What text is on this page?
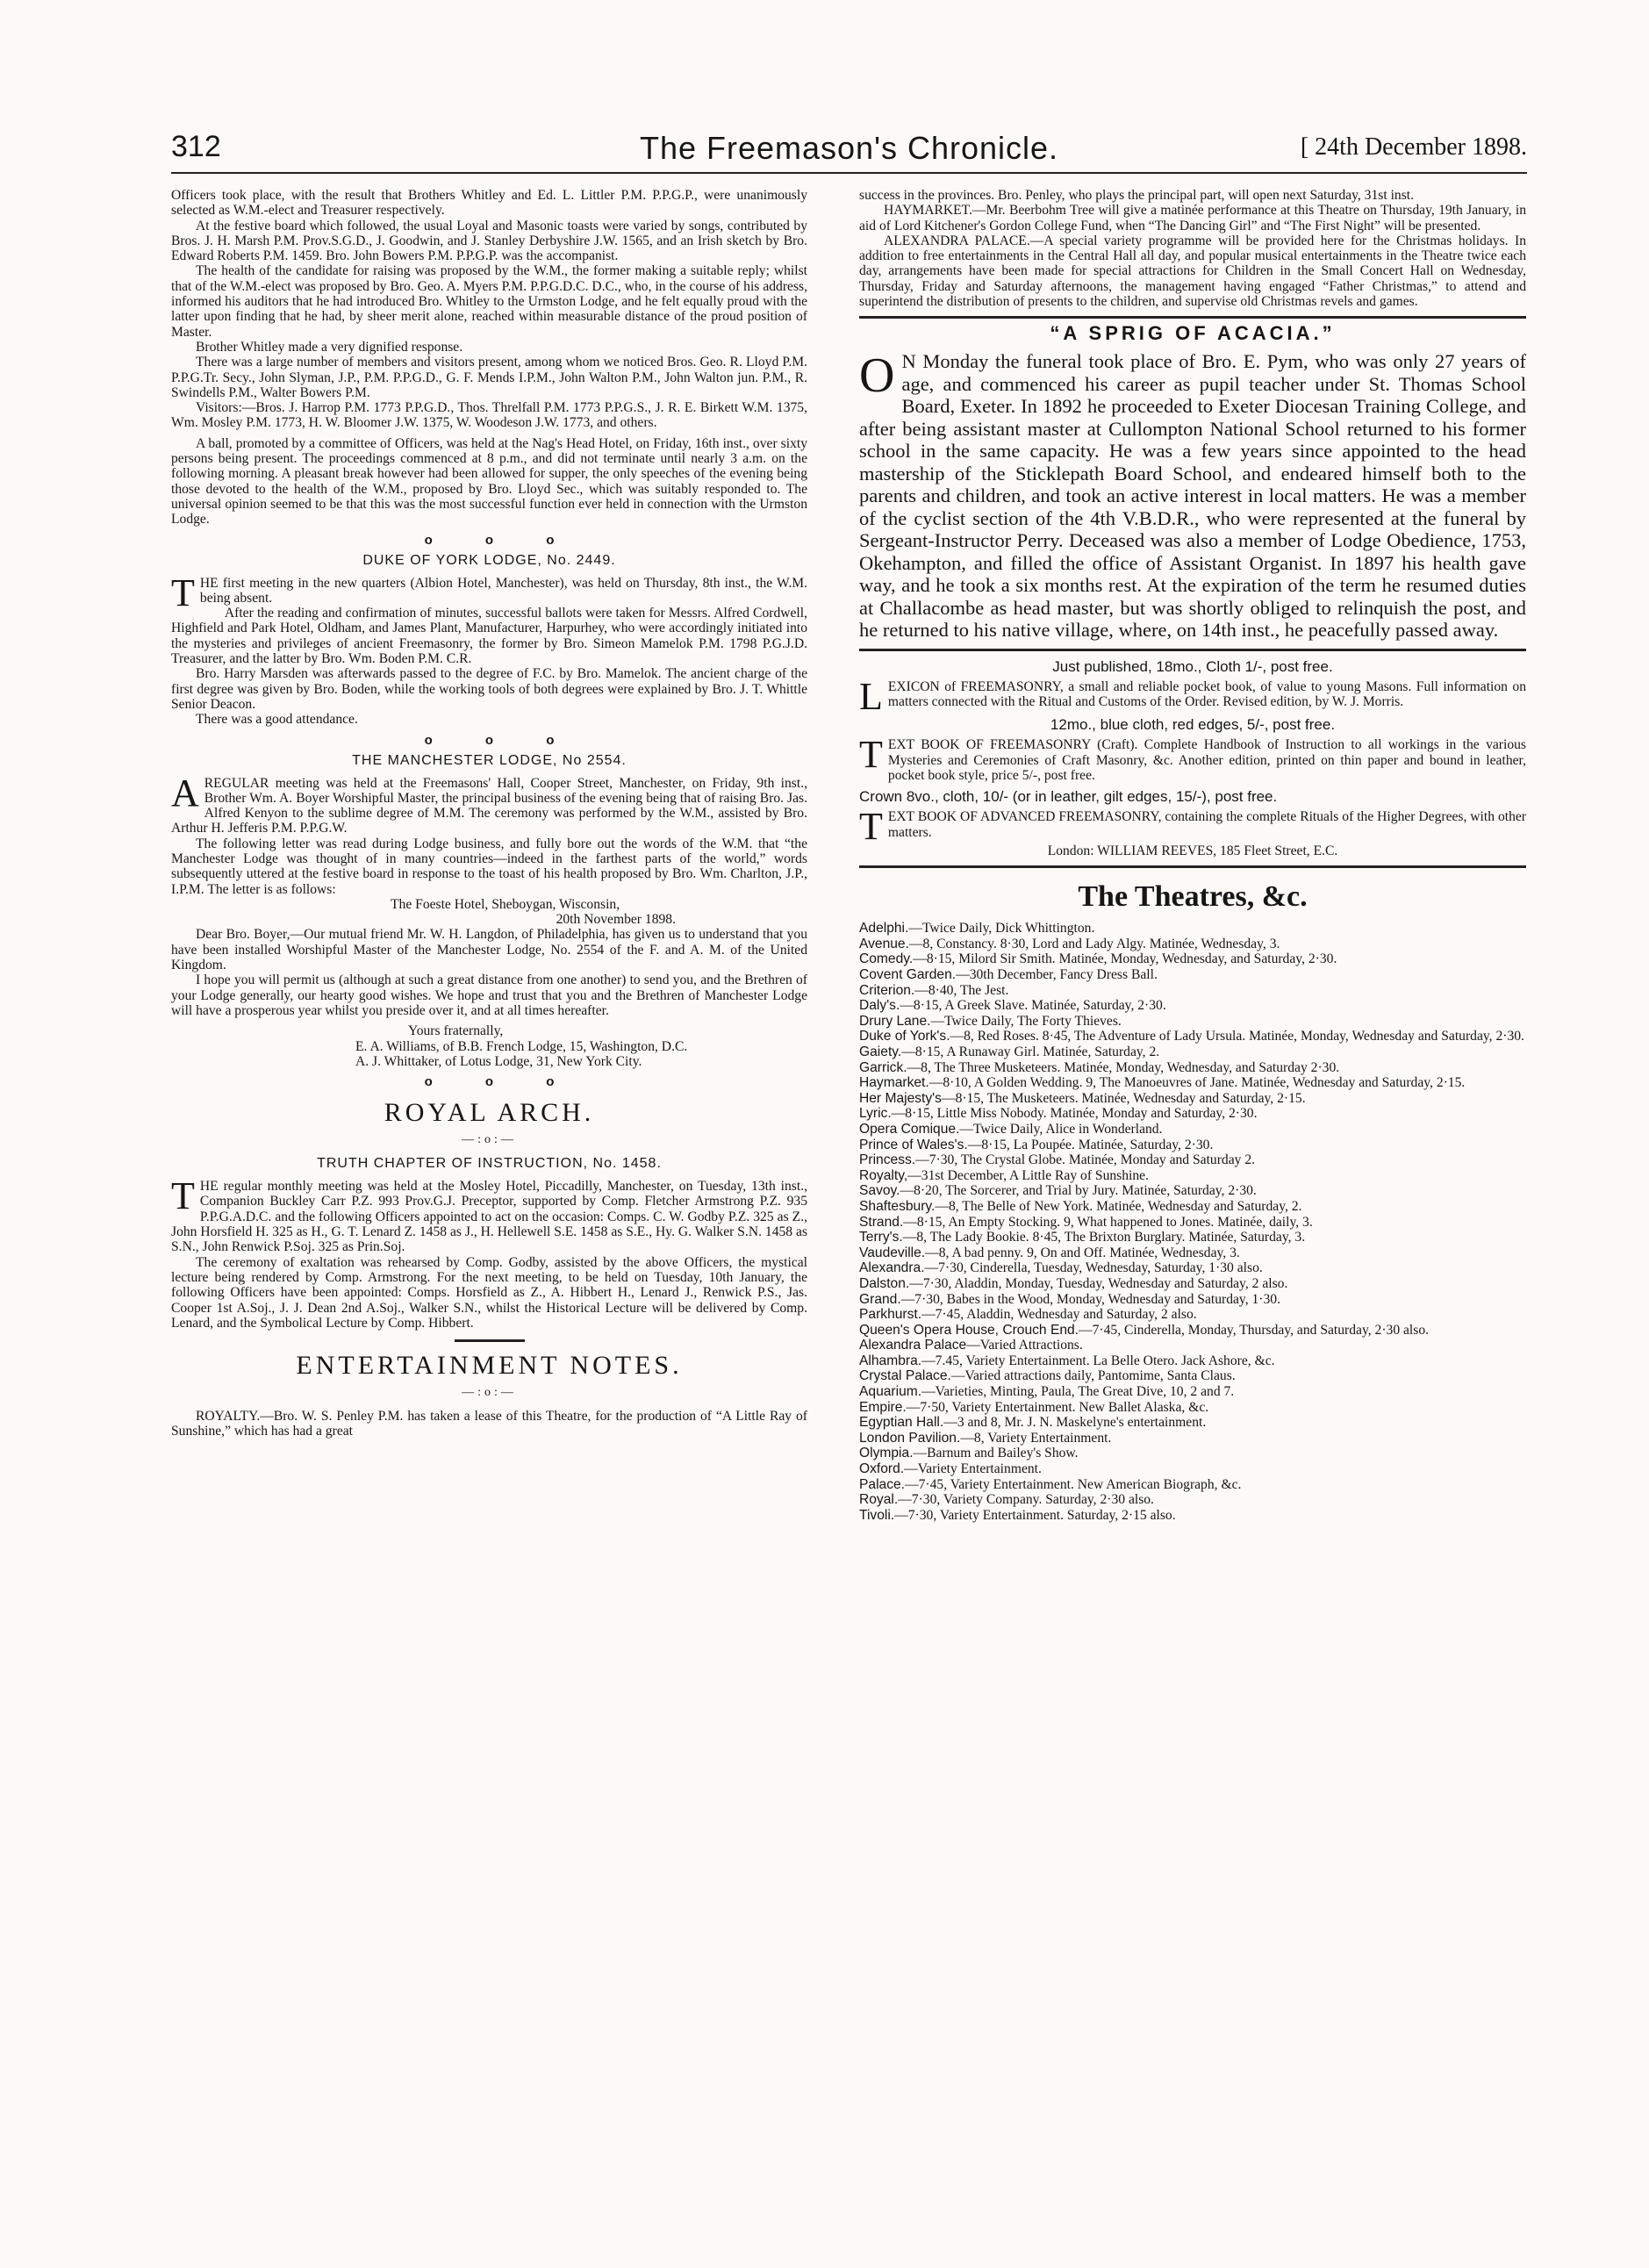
312	The Freemason's Chronicle.	[ 24th December 1898.

Officers took place, with the result that Brothers Whitley and Ed. L. Littler P.M. P.P.G.P., were unanimously selected as W.M.-elect and Treasurer respectively.

At the festive board which followed, the usual Loyal and Masonic toasts were varied by songs, contributed by Bros. J. H. Marsh P.M. Prov.S.G.D., J. Goodwin, and J. Stanley Derbyshire J.W. 1565, and an Irish sketch by Bro. Edward Roberts P.M. 1459. Bro. John Bowers P.M. P.P.G.P. was the accompanist.

The health of the candidate for raising was proposed by the W.M., the former making a suitable reply; whilst that of the W.M.-elect was proposed by Bro. Geo. A. Myers P.M. P.P.G.D.C. D.C., who, in the course of his address, informed his auditors that he had introduced Bro. Whitley to the Urmston Lodge, and he felt equally proud with the latter upon finding that he had, by sheer merit alone, reached within measurable distance of the proud position of Master.

Brother Whitley made a very dignified response.

There was a large number of members and visitors present, among whom we noticed Bros. Geo. R. Lloyd P.M. P.P.G.Tr. Secy., John Slyman, J.P., P.M. P.P.G.D., G. F. Mends I.P.M., John Walton P.M., John Walton jun. P.M., R. Swindells P.M., Walter Bowers P.M.

Visitors:—Bros. J. Harrop P.M. 1773 P.P.G.D., Thos. Threlfall P.M. 1773 P.P.G.S., J. R. E. Birkett W.M. 1375, Wm. Mosley P.M. 1773, H. W. Bloomer J.W. 1375, W. Woodeson J.W. 1773, and others.

A ball, promoted by a committee of Officers, was held at the Nag's Head Hotel, on Friday, 16th inst., over sixty persons being present. The proceedings commenced at 8 p.m., and did not terminate until nearly 3 a.m. on the following morning. A pleasant break however had been allowed for supper, the only speeches of the evening being those devoted to the health of the W.M., proposed by Bro. Lloyd Sec., which was suitably responded to. The universal opinion seemed to be that this was the most successful function ever held in connection with the Urmston Lodge.

o o o
DUKE OF YORK LODGE, No. 2449.

THE first meeting in the new quarters (Albion Hotel, Manchester), was held on Thursday, 8th inst., the W.M. being absent.

After the reading and confirmation of minutes, successful ballots were taken for Messrs. Alfred Cordwell, Highfield and Park Hotel, Oldham, and James Plant, Manufacturer, Harpurhey, who were accordingly initiated into the mysteries and privileges of ancient Freemasonry, the former by Bro. Simeon Mamelok P.M. 1798 P.G.J.D. Treasurer, and the latter by Bro. Wm. Boden P.M. C.R.

Bro. Harry Marsden was afterwards passed to the degree of F.C. by Bro. Mamelok. The ancient charge of the first degree was given by Bro. Boden, while the working tools of both degrees were explained by Bro. J. T. Whittle Senior Deacon.

There was a good attendance.

o o o
THE MANCHESTER LODGE, No 2554.

AREGULAR meeting was held at the Freemasons' Hall, Cooper Street, Manchester, on Friday, 9th inst., Brother Wm. A. Boyer Worshipful Master, the principal business of the evening being that of raising Bro. Jas. Alfred Kenyon to the sublime degree of M.M. The ceremony was performed by the W.M., assisted by Bro. Arthur H. Jefferis P.M. P.P.G.W.

The following letter was read during Lodge business, and fully bore out the words of the W.M. that “the Manchester Lodge was thought of in many countries—indeed in the farthest parts of the world,” words subsequently uttered at the festive board in response to the toast of his health proposed by Bro. Wm. Charlton, J.P., I.P.M. The letter is as follows:

The Foeste Hotel, Sheboygan, Wisconsin,

20th November 1898.

Dear Bro. Boyer,—Our mutual friend Mr. W. H. Langdon, of Philadelphia, has given us to understand that you have been installed Worshipful Master of the Manchester Lodge, No. 2554 of the F. and A. M. of the United Kingdom.

I hope you will permit us (although at such a great distance from one another) to send you, and the Brethren of your Lodge generally, our hearty good wishes. We hope and trust that you and the Brethren of Manchester Lodge will have a prosperous year whilst you preside over it, and at all times hereafter.

Yours fraternally,

E. A. Williams, of B.B. French Lodge, 15, Washington, D.C.

A. J. Whittaker, of Lotus Lodge, 31, New York City.

o o o
ROYAL ARCH.
—:o:—
TRUTH CHAPTER OF INSTRUCTION, No. 1458.

THE regular monthly meeting was held at the Mosley Hotel, Piccadilly, Manchester, on Tuesday, 13th inst., Companion Buckley Carr P.Z. 993 Prov.G.J. Preceptor, supported by Comp. Fletcher Armstrong P.Z. 935 P.P.G.A.D.C. and the following Officers appointed to act on the occasion: Comps. C. W. Godby P.Z. 325 as Z., John Horsfield H. 325 as H., G. T. Lenard Z. 1458 as J., H. Hellewell S.E. 1458 as S.E., Hy. G. Walker S.N. 1458 as S.N., John Renwick P.Soj. 325 as Prin.Soj.

The ceremony of exaltation was rehearsed by Comp. Godby, assisted by the above Officers, the mystical lecture being rendered by Comp. Armstrong. For the next meeting, to be held on Tuesday, 10th January, the following Officers have been appointed: Comps. Horsfield as Z., A. Hibbert H., Lenard J., Renwick P.S., Jas. Cooper 1st A.Soj., J. J. Dean 2nd A.Soj., Walker S.N., whilst the Historical Lecture will be delivered by Comp. Lenard, and the Symbolical Lecture by Comp. Hibbert.

ENTERTAINMENT NOTES.
—:o:—

ROYALTY.—Bro. W. S. Penley P.M. has taken a lease of this Theatre, for the production of “A Little Ray of Sunshine,” which has had a great

success in the provinces. Bro. Penley, who plays the principal part, will open next Saturday, 31st inst.

HAYMARKET.—Mr. Beerbohm Tree will give a matinée performance at this Theatre on Thursday, 19th January, in aid of Lord Kitchener's Gordon College Fund, when “The Dancing Girl” and “The First Night” will be presented.

ALEXANDRA PALACE.—A special variety programme will be provided here for the Christmas holidays. In addition to free entertainments in the Central Hall all day, and popular musical entertainments in the Theatre twice each day, arrangements have been made for special attractions for Children in the Small Concert Hall on Wednesday, Thursday, Friday and Saturday afternoons, the management having engaged “Father Christmas,” to attend and superintend the distribution of presents to the children, and supervise old Christmas revels and games.

“A SPRIG OF ACACIA.”

O N Monday the funeral took place of Bro. E. Pym, who was only 27 years of age, and commenced his career as pupil teacher under St. Thomas School Board, Exeter. In 1892 he proceeded to Exeter Diocesan Training College, and after being assistant master at Cullompton National School returned to his former school in the same capacity. He was a few years since appointed to the head mastership of the Sticklepath Board School, and endeared himself both to the parents and children, and took an active interest in local matters. He was a member of the cyclist section of the 4th V.B.D.R., who were represented at the funeral by Sergeant-Instructor Perry. Deceased was also a member of Lodge Obedience, 1753, Okehampton, and filled the office of Assistant Organist. In 1897 his health gave way, and he took a six months rest. At the expiration of the term he resumed duties at Challacombe as head master, but was shortly obliged to relinquish the post, and he returned to his native village, where, on 14th inst., he peacefully passed away.

Just published, 18mo., Cloth 1/-, post free.

LEXICON of FREEMASONRY, a small and reliable pocket book, of value to young Masons. Full information on matters connected with the Ritual and Customs of the Order. Revised edition, by W. J. Morris.

12mo., blue cloth, red edges, 5/-, post free.

TEXT BOOK OF FREEMASONRY (Craft). Complete Handbook of Instruction to all workings in the various Mysteries and Ceremonies of Craft Masonry, &c. Another edition, printed on thin paper and bound in leather, pocket book style, price 5/-, post free.

Crown 8vo., cloth, 10/- (or in leather, gilt edges, 15/-), post free.

TEXT BOOK OF ADVANCED FREEMASONRY, containing the complete Rituals of the Higher Degrees, with other matters.

London: WILLIAM REEVES, 185 Fleet Street, E.C.

The Theatres, &c.

Adelphi.—Twice Daily, Dick Whittington.

Avenue.—8, Constancy. 8·30, Lord and Lady Algy. Matinée, Wednesday, 3.

Comedy.—8·15, Milord Sir Smith. Matinée, Monday, Wednesday, and Saturday, 2·30.

Covent Garden.—30th December, Fancy Dress Ball.

Criterion.—8·40, The Jest.

Daly's.—8·15, A Greek Slave. Matinée, Saturday, 2·30.

Drury Lane.—Twice Daily, The Forty Thieves.

Duke of York's.—8, Red Roses. 8·45, The Adventure of Lady Ursula. Matinée, Monday, Wednesday and Saturday, 2·30.

Gaiety.—8·15, A Runaway Girl. Matinée, Saturday, 2.

Garrick.—8, The Three Musketeers. Matinée, Monday, Wednesday, and Saturday 2·30.

Haymarket.—8·10, A Golden Wedding. 9, The Manoeuvres of Jane. Matinée, Wednesday and Saturday, 2·15.

Her Majesty's—8·15, The Musketeers. Matinée, Wednesday and Saturday, 2·15.

Lyric.—8·15, Little Miss Nobody. Matinée, Monday and Saturday, 2·30.

Opera Comique.—Twice Daily, Alice in Wonderland.

Prince of Wales's.—8·15, La Poupée. Matinée, Saturday, 2·30.

Princess.—7·30, The Crystal Globe. Matinée, Monday and Saturday 2.

Royalty,—31st December, A Little Ray of Sunshine.

Savoy.—8·20, The Sorcerer, and Trial by Jury. Matinée, Saturday, 2·30.

Shaftesbury.—8, The Belle of New York. Matinée, Wednesday and Saturday, 2.

Strand.—8·15, An Empty Stocking. 9, What happened to Jones. Matinée, daily, 3.

Terry's.—8, The Lady Bookie. 8·45, The Brixton Burglary. Matinée, Saturday, 3.

Vaudeville.—8, A bad penny. 9, On and Off. Matinée, Wednesday, 3.

Alexandra.—7·30, Cinderella, Tuesday, Wednesday, Saturday, 1·30 also.

Dalston.—7·30, Aladdin, Monday, Tuesday, Wednesday and Saturday, 2 also.

Grand.—7·30, Babes in the Wood, Monday, Wednesday and Saturday, 1·30.

Parkhurst.—7·45, Aladdin, Wednesday and Saturday, 2 also.

Queen's Opera House, Crouch End.—7·45, Cinderella, Monday, Thursday, and Saturday, 2·30 also.

Alexandra Palace—Varied Attractions.

Alhambra.—7.45, Variety Entertainment. La Belle Otero. Jack Ashore, &c.

Crystal Palace.—Varied attractions daily, Pantomime, Santa Claus.

Aquarium.—Varieties, Minting, Paula, The Great Dive, 10, 2 and 7.

Empire.—7·50, Variety Entertainment. New Ballet Alaska, &c.

Egyptian Hall.—3 and 8, Mr. J. N. Maskelyne's entertainment.

London Pavilion.—8, Variety Entertainment.

Olympia.—Barnum and Bailey's Show.

Oxford.—Variety Entertainment.

Palace.—7·45, Variety Entertainment. New American Biograph, &c.

Royal.—7·30, Variety Company. Saturday, 2·30 also.

Tivoli.—7·30, Variety Entertainment. Saturday, 2·15 also.
